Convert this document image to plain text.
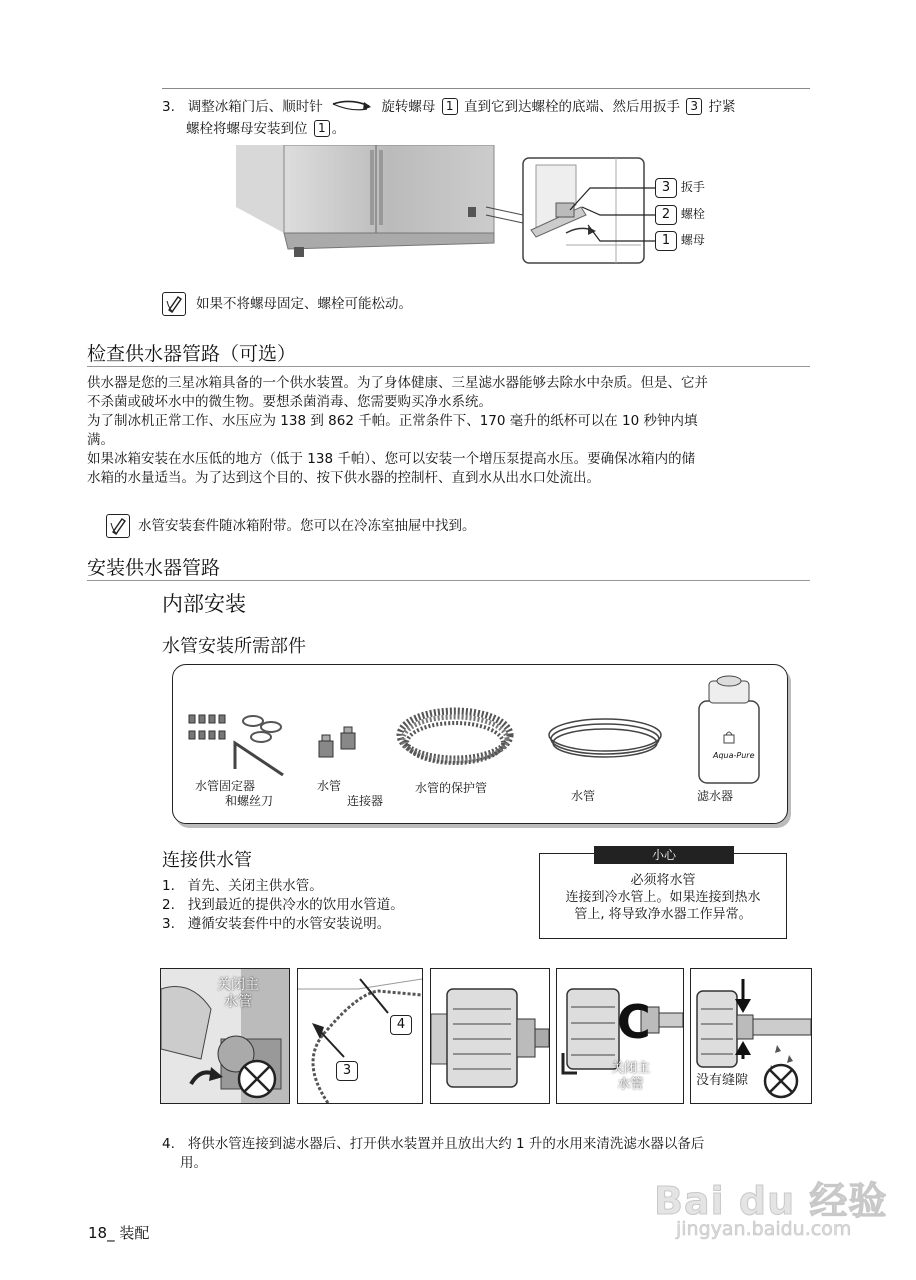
3. 调整冰箱门后、顺时针	旋转螺母 1 直到它到达螺栓的底端、然后用扳手 3 拧紧
螺栓将螺母安装到位 1 。
3 扳手
2 螺栓
1 螺母
如果不将螺母固定、螺栓可能松动。
检查供水器管路（可选）
供水器是您的三星冰箱具备的一个供水装置。为了身体健康、三星滤水器能够去除水中杂质。但是、它并
不杀菌或破坏水中的微生物。要想杀菌消毒、您需要购买净水系统。
为了制冰机正常工作、水压应为 138 到 862 千帕。正常条件下、170 毫升的纸杯可以在 10 秒钟内填
满。
如果冰箱安装在水压低的地方（低于 138 千帕）、您可以安装一个增压泵提高水压。要确保冰箱内的储
水箱的水量适当。为了达到这个目的、按下供水器的控制杆、直到水从出水口处流出。
水管安装套件随冰箱附带。您可以在冷冻室抽屉中找到。
安装供水器管路
内部安装
水管安装所需部件
水管固定器
和螺丝刀
水管
连接器
水管的保护管
水管
Aqua-Pure
滤水器
连接供水管
1. 首先、关闭主供水管。
2. 找到最近的提供冷水的饮用水管道。
3. 遵循安装套件中的水管安装说明。
小心
必须将水管
连接到冷水管上。如果连接到热水
管上, 将导致净水器工作异常。
关闭主
水管
4
3
C
关闭主
水管	没有缝隙
4. 将供水管连接到滤水器后、打开供水装置并且放出大约 1 升的水用来清洗滤水器以备后
用。
18_ 装配
Bai du 经验
jingyan.baidu.com
